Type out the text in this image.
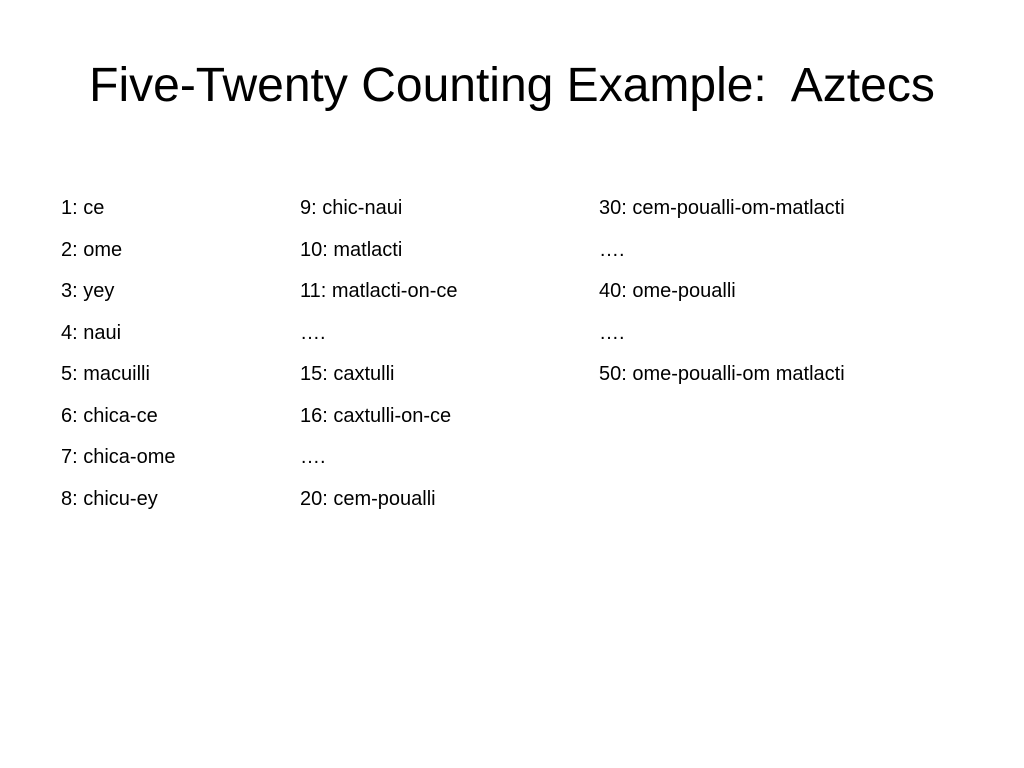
Five-Twenty Counting Example:  Aztecs
1: ce
2: ome
3: yey
4: naui
5: macuilli
6: chica-ce
7: chica-ome
8: chicu-ey
9: chic-naui
10: matlacti
11: matlacti-on-ce
….
15: caxtulli
16: caxtulli-on-ce
….
20: cem-poualli
30: cem-poualli-om-matlacti
….
40: ome-poualli
….
50: ome-poualli-om matlacti
